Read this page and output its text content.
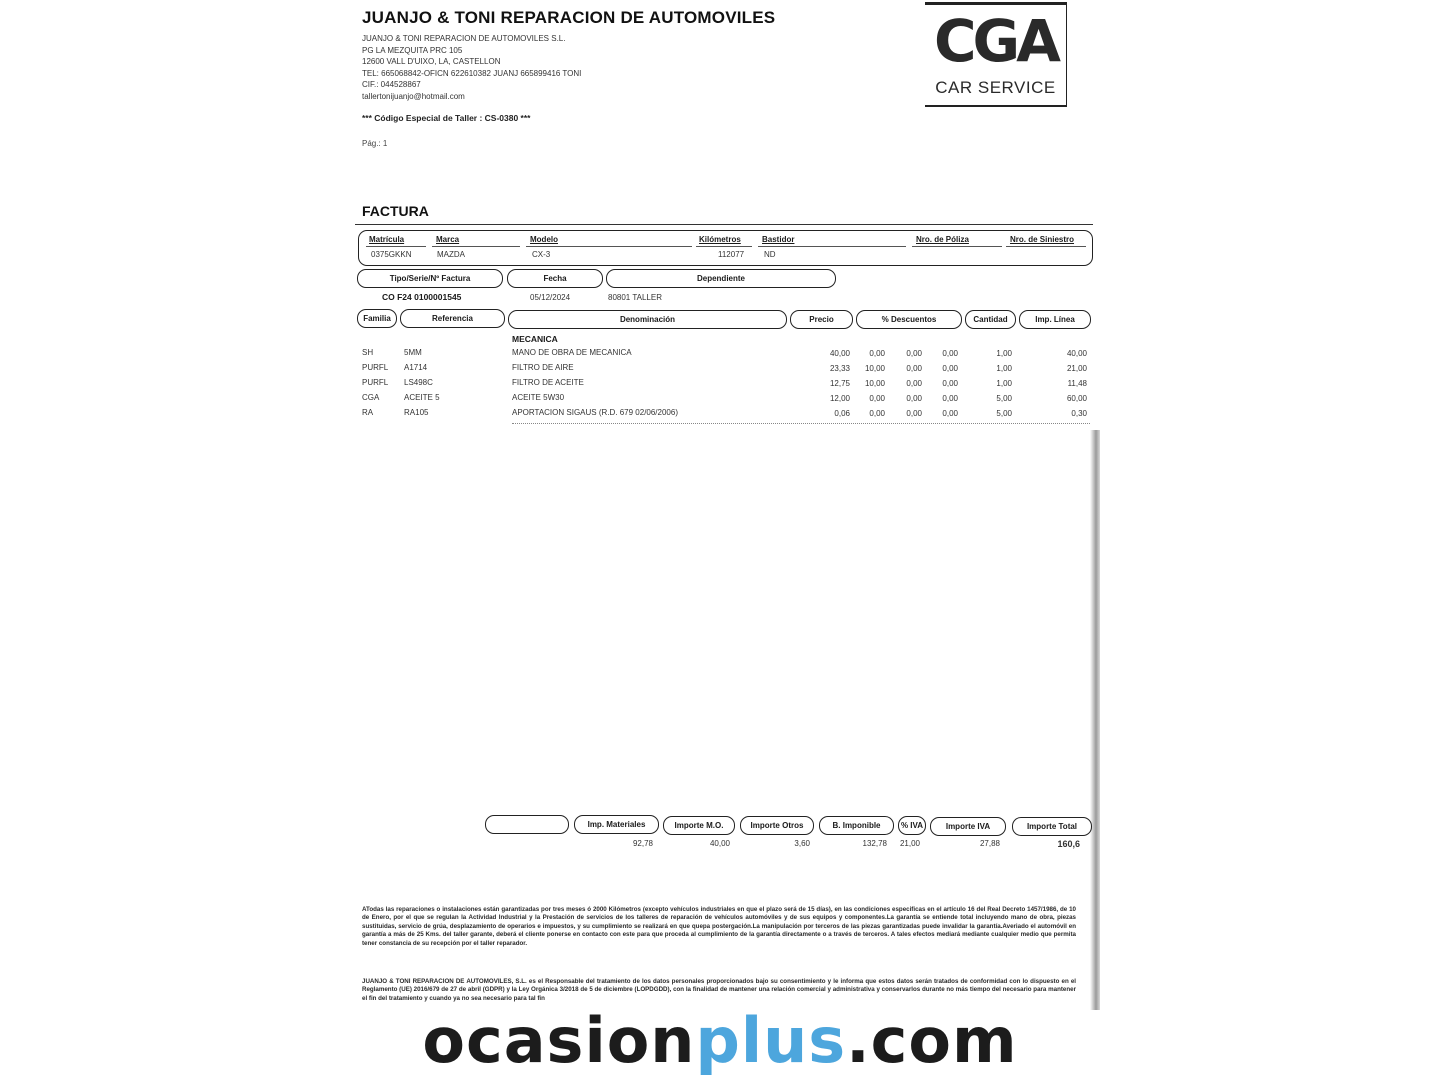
JUANJO & TONI REPARACION DE AUTOMOVILES
JUANJO & TONI REPARACION DE AUTOMOVILES S.L.
PG LA MEZQUITA PRC 105
12600 VALL D'UIXO, LA, CASTELLON
TEL: 665068842-OFICN 622610382 JUANJ 665899416 TONI
CIF.: 044528867
tallertonijuanjo@hotmail.com
*** Código Especial de Taller : CS-0380 ***
Pág.: 1
CGA
CAR SERVICE
FACTURA
Matrícula	Marca	Modelo	Kilómetros	Bastidor	Nro. de Póliza	Nro. de Siniestro
0375GKKN	MAZDA	CX-3	112077 ND
Tipo/Serie/Nº Factura	Fecha	Dependiente
CO F24 0100001545	05/12/2024	80801 TALLER
Familia	Referencia	Denominación	Precio	% Descuentos	Cantidad	Imp. Línea
MECANICA
SH	5MM	MANO DE OBRA DE MECANICA	40,00	0,00	0,00	0,00	1,00	40,00
PURFL A1714	FILTRO DE AIRE	23,33	10,00	0,00	0,00	1,00	21,00
PURFL LS498C	FILTRO DE ACEITE	12,75	10,00	0,00	0,00	1,00	11,48
CGA	ACEITE 5	ACEITE 5W30	12,00	0,00	0,00	0,00	5,00	60,00
RA	RA105	APORTACION SIGAUS (R.D. 679 02/06/2006)	0,06	0,00	0,00	0,00	5,00	0,30
Imp. Materiales	Importe M.O.	Importe Otros	B. Imponible	% IVA	Importe IVA	Importe Total
92,78	40,00	3,60	132,78	21,00	27,88	160,6
ATodas las reparaciones o instalaciones están garantizadas por tres meses ó 2000 Kilómetros (excepto vehículos industriales en que el plazo será de 15 días), en las condiciones especificas en el artículo 16 del Real Decreto 1457/1986, de 10 de Enero, por el que se regulan la Actividad Industrial y la Prestación de servicios de los talleres de reparación de vehículos automóviles y de sus equipos y componentes.La garantía se entiende total incluyendo mano de obra, piezas sustituidas, servicio de grúa, desplazamiento de operarios e impuestos, y su cumplimiento se realizará en que quepa postergación.La manipulación por terceros de las piezas garantizadas puede invalidar la garantía.Averiado el automóvil en garantía a más de 25 Kms. del taller garante, deberá el cliente ponerse en contacto con este para que proceda al cumplimiento de la garantía directamente o a través de terceros. A tales efectos mediará mediante cualquier medio que permita tener constancia de su recepción por el taller reparador.
JUANJO & TONI REPARACION DE AUTOMOVILES, S.L. es el Responsable del tratamiento de los datos personales proporcionados bajo su consentimiento y le informa que estos datos serán tratados de conformidad con lo dispuesto en el Reglamento (UE) 2016/679 de 27 de abril (GDPR) y la Ley Orgánica 3/2018 de 5 de diciembre (LOPDGDD), con la finalidad de mantener una relación comercial y administrativa y conservarlos durante no más tiempo del necesario para mantener el fin del tratamiento y cuando ya no sea necesario para tal fin
ocasionplus.com
